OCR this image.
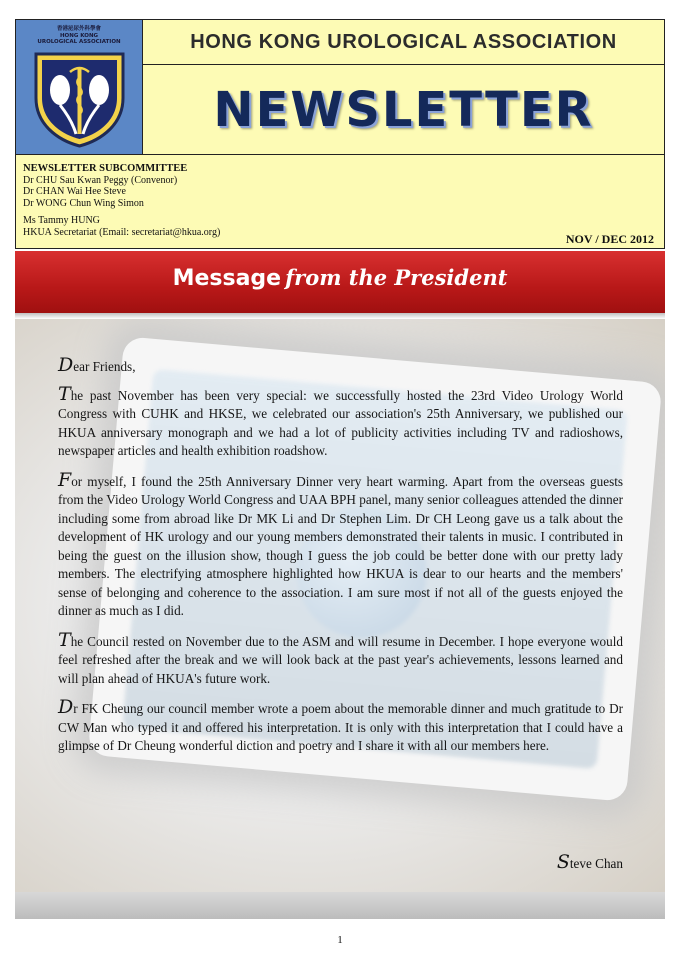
香港泌尿外科學會
HONG KONG
UROLOGICAL ASSOCIATION	HONG KONG UROLOGICAL ASSOCIATION
NEWSLETTER
NEWSLETTER SUBCOMMITTEE
Dr CHU Sau Kwan Peggy (Convenor)
Dr CHAN Wai Hee Steve
Dr WONG Chun Wing Simon
Ms Tammy HUNG
HKUA Secretariat (Email: secretariat@hkua.org)	NOV / DEC 2012
Message from the President

Dear Friends,

The past November has been very special: we successfully hosted the 23rd Video Urology World Congress with CUHK and HKSE, we celebrated our association's 25th Anniversary, we published our HKUA anniversary monograph and we had a lot of publicity activities including TV and radioshows, newspaper articles and health exhibition roadshow.

For myself, I found the 25th Anniversary Dinner very heart warming. Apart from the overseas guests from the Video Urology World Congress and UAA BPH panel, many senior colleagues attended the dinner including some from abroad like Dr MK Li and Dr Stephen Lim. Dr CH Leong gave us a talk about the development of HK urology and our young members demonstrated their talents in music. I contributed in being the guest on the illusion show, though I guess the job could be better done with our pretty lady members. The electrifying atmosphere highlighted how HKUA is dear to our hearts and the members' sense of belonging and coherence to the association. I am sure most if not all of the guests enjoyed the dinner as much as I did.

The Council rested on November due to the ASM and will resume in December. I hope everyone would feel refreshed after the break and we will look back at the past year's achievements, lessons learned and will plan ahead of HKUA's future work.

Dr FK Cheung our council member wrote a poem about the memorable dinner and much gratitude to Dr CW Man who typed it and offered his interpretation. It is only with this interpretation that I could have a glimpse of Dr Cheung wonderful diction and poetry and I share it with all our members here.

Steve Chan
1
